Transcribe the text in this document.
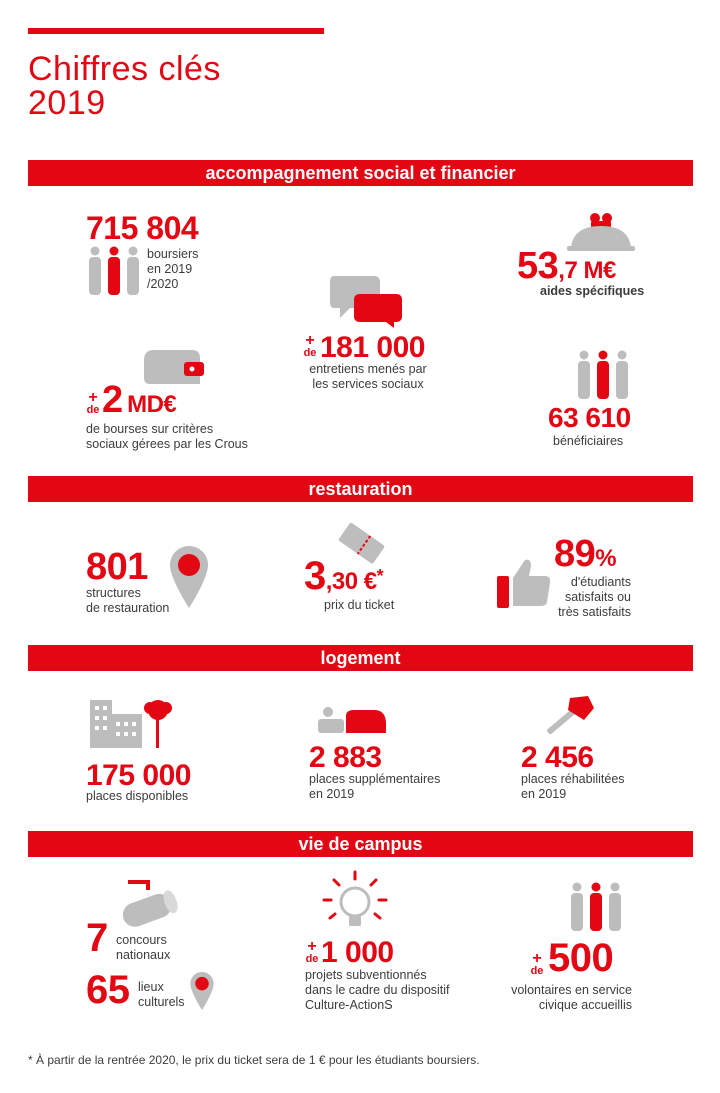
Chiffres clés
2019
accompagnement social et financier
715 804
boursiers
en 2019
/2020	53,7 M€
aides spécifiques
+
de 181 000
entretiens menés par
les services sociaux
+
de 2 MD€
de bourses sur critères
sociaux gérees par les Crous
63 610
bénéficiaires
restauration
801
structures
de restauration
3,30 €*
prix du ticket
89%
d'étudiants
satisfaits ou
très satisfaits
logement
175 000
places disponibles
2 883
places supplémentaires
en 2019
2 456
places réhabilitées
en 2019
vie de campus
7 concours
nationaux
65 lieux
culturels
+
de 1 000
projets subventionnés
dans le cadre du dispositif
Culture-ActionS
+
de 500
volontaires en service
civique accueillis
* À partir de la rentrée 2020, le prix du ticket sera de 1 € pour les étudiants boursiers.
